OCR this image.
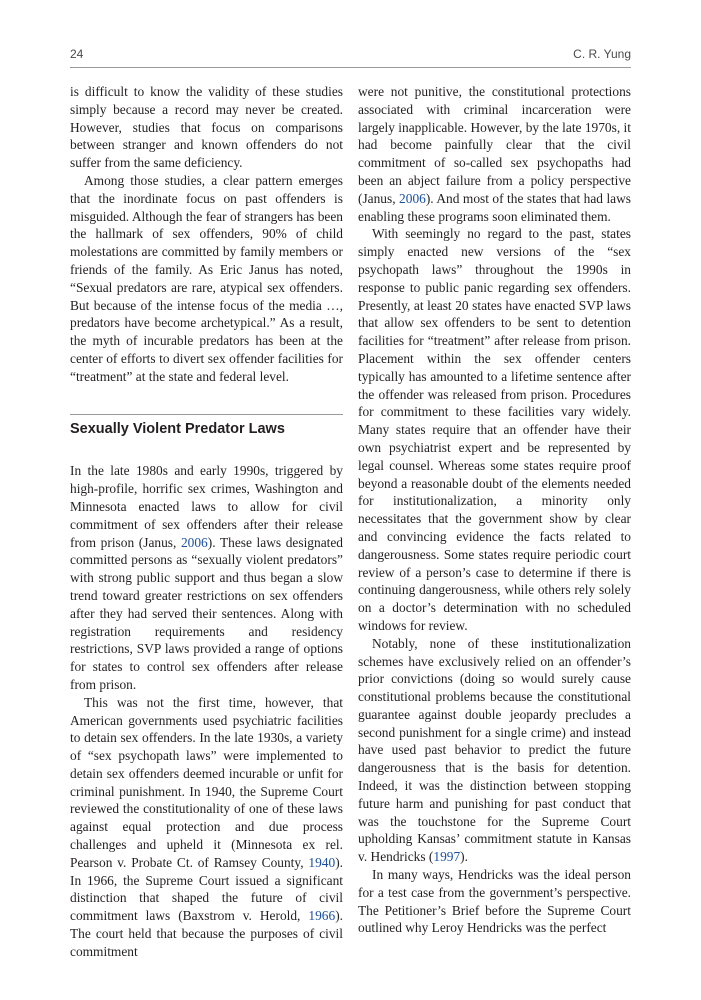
24	C. R. Yung

is difficult to know the validity of these studies simply because a record may never be created. However, studies that focus on comparisons between stranger and known offenders do not suffer from the same deficiency.

Among those studies, a clear pattern emerges that the inordinate focus on past offenders is misguided. Although the fear of strangers has been the hallmark of sex offenders, 90% of child molestations are committed by family members or friends of the family. As Eric Janus has noted, “Sexual predators are rare, atypical sex offenders. But because of the intense focus of the media …, predators have become archetypical.” As a result, the myth of incurable predators has been at the center of efforts to divert sex offender facilities for “treatment” at the state and federal level.

Sexually Violent Predator Laws

In the late 1980s and early 1990s, triggered by high-profile, horrific sex crimes, Washington and Minnesota enacted laws to allow for civil commitment of sex offenders after their release from prison (Janus, 2006). These laws designated committed persons as “sexually violent predators” with strong public support and thus began a slow trend toward greater restrictions on sex offenders after they had served their sentences. Along with registration requirements and residency restrictions, SVP laws provided a range of options for states to control sex offenders after release from prison.

This was not the first time, however, that American governments used psychiatric facilities to detain sex offenders. In the late 1930s, a variety of “sex psychopath laws” were implemented to detain sex offenders deemed incurable or unfit for criminal punishment. In 1940, the Supreme Court reviewed the constitutionality of one of these laws against equal protection and due process challenges and upheld it (Minnesota ex rel. Pearson v. Probate Ct. of Ramsey County, 1940). In 1966, the Supreme Court issued a significant distinction that shaped the future of civil commitment laws (Baxstrom v. Herold, 1966). The court held that because the purposes of civil commitment

were not punitive, the constitutional protections associated with criminal incarceration were largely inapplicable. However, by the late 1970s, it had become painfully clear that the civil commitment of so-called sex psychopaths had been an abject failure from a policy perspective (Janus, 2006). And most of the states that had laws enabling these programs soon eliminated them.

With seemingly no regard to the past, states simply enacted new versions of the “sex psychopath laws” throughout the 1990s in response to public panic regarding sex offenders. Presently, at least 20 states have enacted SVP laws that allow sex offenders to be sent to detention facilities for “treatment” after release from prison. Placement within the sex offender centers typically has amounted to a lifetime sentence after the offender was released from prison. Procedures for commitment to these facilities vary widely. Many states require that an offender have their own psychiatrist expert and be represented by legal counsel. Whereas some states require proof beyond a reasonable doubt of the elements needed for institutionalization, a minority only necessitates that the government show by clear and convincing evidence the facts related to dangerousness. Some states require periodic court review of a person’s case to determine if there is continuing dangerousness, while others rely solely on a doctor’s determination with no scheduled windows for review.

Notably, none of these institutionalization schemes have exclusively relied on an offender’s prior convictions (doing so would surely cause constitutional problems because the constitutional guarantee against double jeopardy precludes a second punishment for a single crime) and instead have used past behavior to predict the future dangerousness that is the basis for detention. Indeed, it was the distinction between stopping future harm and punishing for past conduct that was the touchstone for the Supreme Court upholding Kansas’ commitment statute in Kansas v. Hendricks (1997).

In many ways, Hendricks was the ideal person for a test case from the government’s perspective. The Petitioner’s Brief before the Supreme Court outlined why Leroy Hendricks was the perfect
